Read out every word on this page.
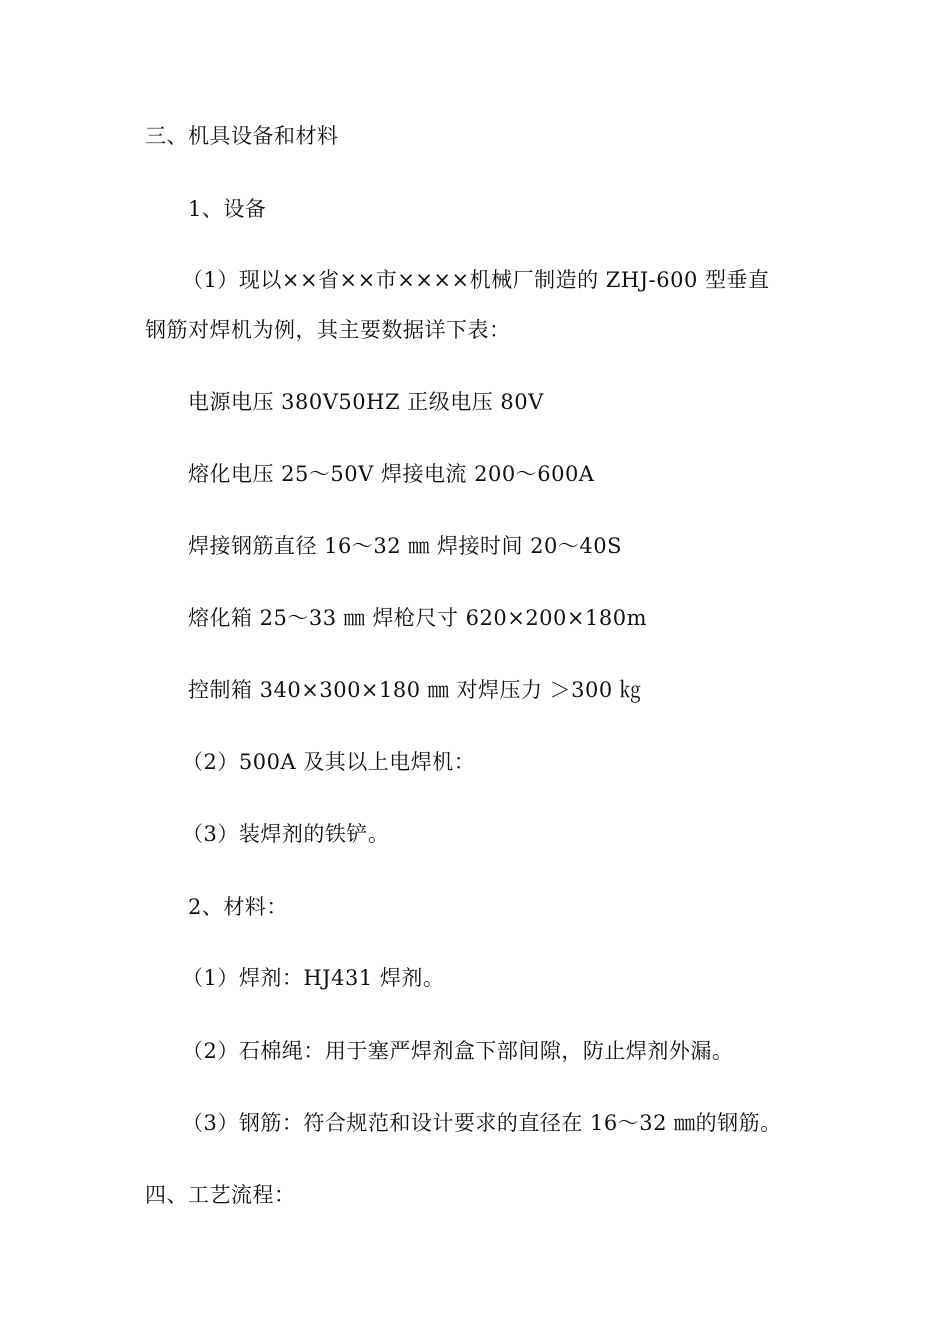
三、机具设备和材料
1、设备
（1）现以××省××市××××机械厂制造的 ZHJ-600 型垂直
钢筋对焊机为例，其主要数据详下表：
电源电压 380V50HZ 正级电压 80V
熔化电压 25～50V 焊接电流 200～600A
焊接钢筋直径 16～32 ㎜ 焊接时间 20～40S
熔化箱 25～33 ㎜ 焊枪尺寸 620×200×180m
控制箱 340×300×180 ㎜ 对焊压力 ＞300 ㎏
（2）500A 及其以上电焊机：
（3）装焊剂的铁铲。
2、材料：
（1）焊剂：HJ431 焊剂。
（2）石棉绳：用于塞严焊剂盒下部间隙，防止焊剂外漏。
（3）钢筋：符合规范和设计要求的直径在 16～32 ㎜的钢筋。
四、工艺流程：
